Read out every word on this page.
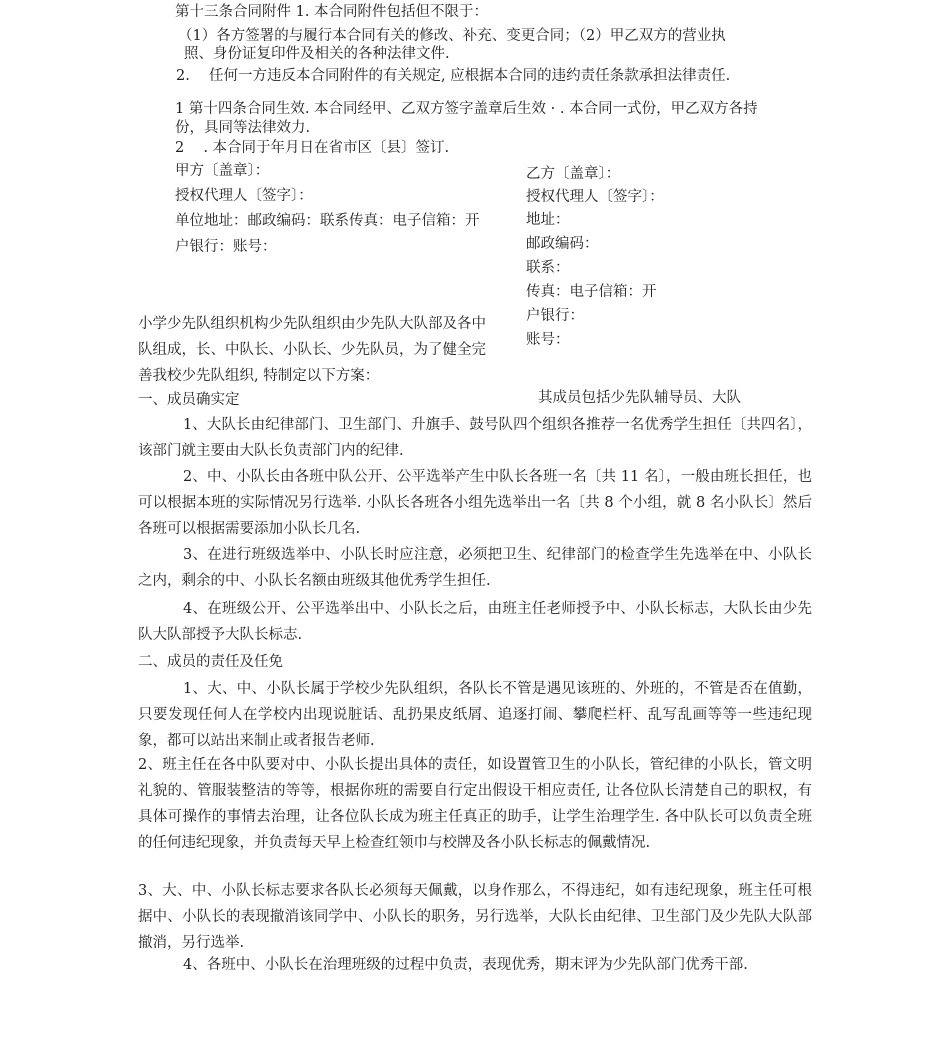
第十三条合同附件 1. 本合同附件包括但不限于：
（1）各方签署的与履行本合同有关的修改、补充、变更合同；（2）甲乙双方的营业执
照、身份证复印件及相关的各种法律文件.
2.　 任何一方违反本合同附件的有关规定, 应根据本合同的违约责任条款承担法律责任.
1 第十四条合同生效. 本合同经甲、乙双方签字盖章后生效 · . 本合同一式份，甲乙双方各持
份，具同等法律效力.
2　 . 本合同于年月日在省市区〔县〕签订.
甲方〔盖章〕：
授权代理人〔签字〕：
单位地址：邮政编码：联系传真：电子信箱：开
户银行：账号：
乙方〔盖章〕：
授权代理人〔签字〕：
地址：
邮政编码：
联系：
传真：电子信箱：开
户银行：
账号：
小学少先队组织机构少先队组织由少先队大队部及各中
队组成，长、中队长、小队长、少先队员，为了健全完
善我校少先队组织, 特制定以下方案：
一、成员确实定	其成员包括少先队辅导员、大队
1、大队长由纪律部门、卫生部门、升旗手、鼓号队四个组织各推荐一名优秀学生担任〔共四名〕，该部门就主要由大队长负责部门内的纪律.
2、中、小队长由各班中队公开、公平选举产生中队长各班一名〔共 11 名〕，一般由班长担任，也可以根据本班的实际情况另行选举. 小队长各班各小组先选举出一名〔共 8 个小组，就 8 名小队长〕然后各班可以根据需要添加小队长几名.
3、在进行班级选举中、小队长时应注意，必须把卫生、纪律部门的检查学生先选举在中、小队长之内，剩余的中、小队长名额由班级其他优秀学生担任.
4、在班级公开、公平选举出中、小队长之后，由班主任老师授予中、小队长标志，大队长由少先队大队部授予大队长标志.
二、成员的责任及任免
1、大、中、小队长属于学校少先队组织，各队长不管是遇见该班的、外班的，不管是否在值勤，只要发现任何人在学校内出现说脏话、乱扔果皮纸屑、追逐打闹、攀爬栏杆、乱写乱画等等一些违纪现象，都可以站出来制止或者报告老师.
2、班主任在各中队要对中、小队长提出具体的责任，如设置管卫生的小队长，管纪律的小队长，管文明礼貌的、管服装整洁的等等，根据你班的需要自行定出假设干相应责任, 让各位队长清楚自己的职权，有具体可操作的事情去治理，让各位队长成为班主任真正的助手，让学生治理学生. 各中队长可以负责全班的任何违纪现象，并负责每天早上检查红领巾与校牌及各小队长标志的佩戴情况.
3、大、中、小队长标志要求各队长必须每天佩戴，以身作那么，不得违纪，如有违纪现象，班主任可根据中、小队长的表现撤消该同学中、小队长的职务，另行选举，大队长由纪律、卫生部门及少先队大队部撤消，另行选举.
4、各班中、小队长在治理班级的过程中负责，表现优秀，期末评为少先队部门优秀干部.
